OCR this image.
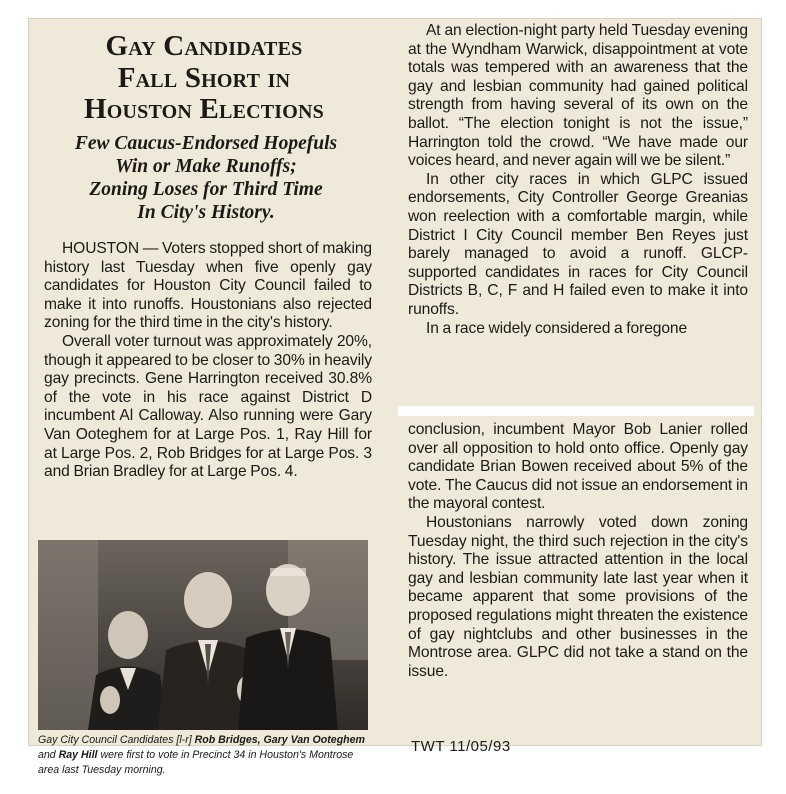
Gay Candidates
Fall Short in
Houston Elections
Few Caucus-Endorsed Hopefuls
Win or Make Runoffs;
Zoning Loses for Third Time
In City's History.

HOUSTON — Voters stopped short of making history last Tuesday when five openly gay candidates for Houston City Council failed to make it into runoffs. Houstonians also rejected zoning for the third time in the city's history.

Overall voter turnout was approximately 20%, though it appeared to be closer to 30% in heavily gay precincts. Gene Harrington received 30.8% of the vote in his race against District D incumbent Al Calloway. Also running were Gary Van Ooteghem for at Large Pos. 1, Ray Hill for at Large Pos. 2, Rob Bridges for at Large Pos. 3 and Brian Bradley for at Large Pos. 4.

Gay City Council Candidates [l-r] Rob Bridges, Gary Van Ooteghem and Ray Hill were first to vote in Precinct 34 in Houston's Montrose area last Tuesday morning.

At an election-night party held Tuesday evening at the Wyndham Warwick, disappointment at vote totals was tempered with an awareness that the gay and lesbian community had gained political strength from having several of its own on the ballot. “The election tonight is not the issue,” Harrington told the crowd. “We have made our voices heard, and never again will we be silent.”

In other city races in which GLPC issued endorsements, City Controller George Greanias won reelection with a comfortable margin, while District I City Council member Ben Reyes just barely managed to avoid a runoff. GLCP-supported candidates in races for City Council Districts B, C, F and H failed even to make it into runoffs.

In a race widely considered a foregone

conclusion, incumbent Mayor Bob Lanier rolled over all opposition to hold onto office. Openly gay candidate Brian Bowen received about 5% of the vote. The Caucus did not issue an endorsement in the mayoral contest.

Houstonians narrowly voted down zoning Tuesday night, the third such rejection in the city's history. The issue attracted attention in the local gay and lesbian community late last year when it became apparent that some provisions of the proposed regulations might threaten the existence of gay nightclubs and other businesses in the Montrose area. GLPC did not take a stand on the issue.

TWT 11/05/93
